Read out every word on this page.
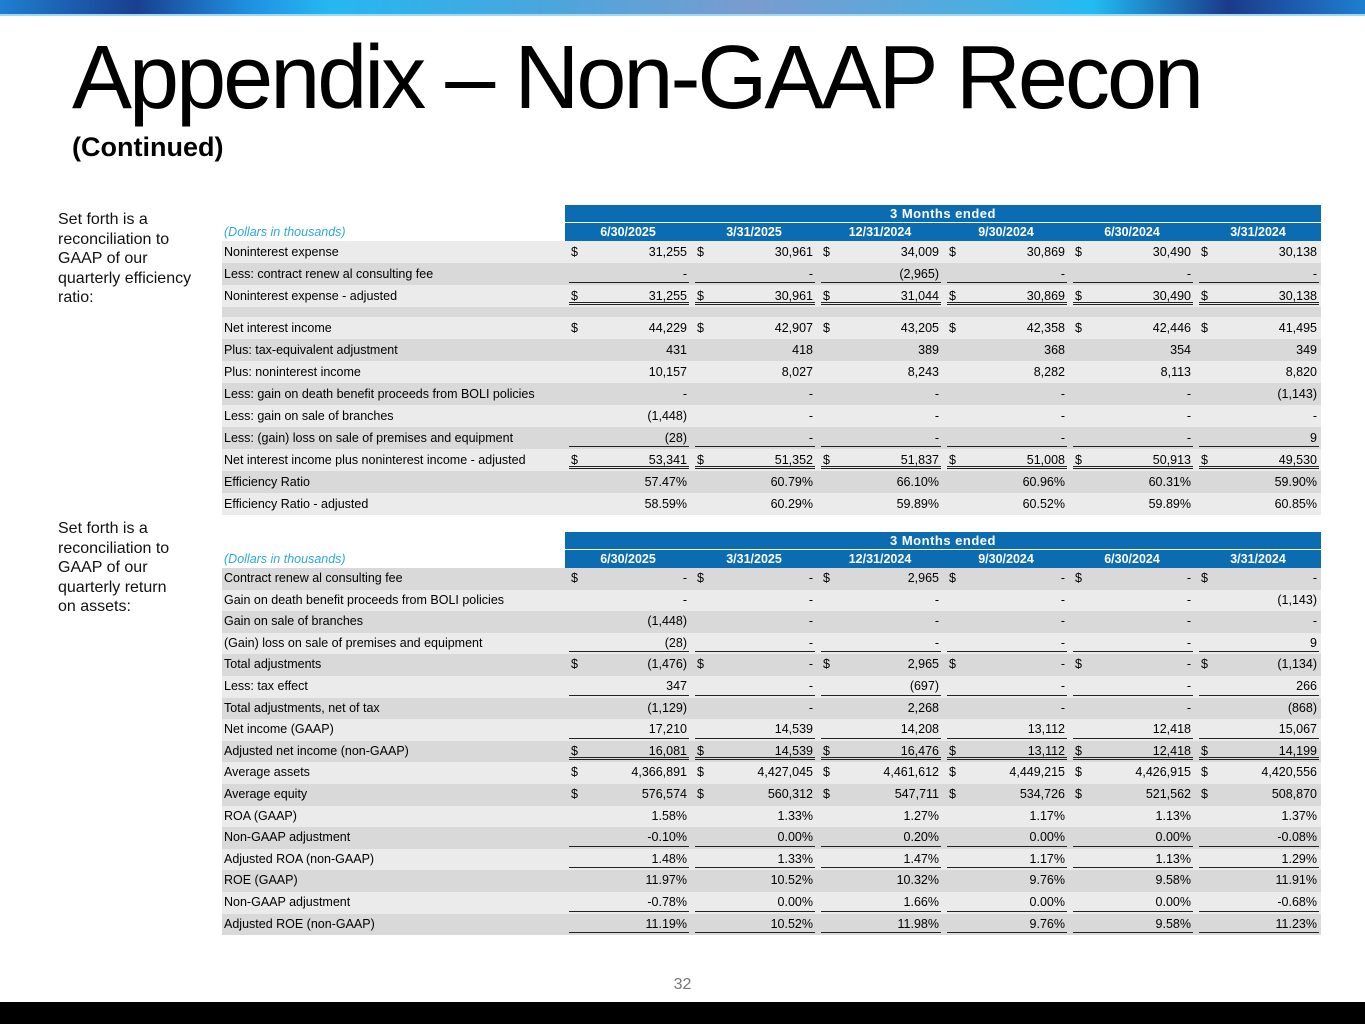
Appendix – Non-GAAP Recon
(Continued)
Set forth is a reconciliation to GAAP of our quarterly efficiency ratio:
3 Months ended
(Dollars in thousands)	6/30/2025	3/31/2025	12/31/2024	9/30/2024	6/30/2024	3/31/2024
Noninterest expense	$	31,255 $	30,961 $	34,009 $	30,869 $	30,490 $	30,138
Less: contract renew al consulting fee	-	-	(2,965)	-	-	-
Noninterest expense - adjusted	$	31,255 $	30,961 $	31,044 $	30,869 $	30,490 $	30,138
Net interest income	$	44,229 $	42,907 $	43,205 $	42,358 $	42,446 $	41,495
Plus: tax-equivalent adjustment	431	418	389	368	354	349
Plus: noninterest income	10,157	8,027	8,243	8,282	8,113	8,820
Less: gain on death benefit proceeds from BOLI policies	-	-	-	-	-	(1,143)
Less: gain on sale of branches	(1,448)	-	-	-	-	-
Less: (gain) loss on sale of premises and equipment	(28)	-	-	-	-	9
Net interest income plus noninterest income - adjusted	$	53,341 $	51,352 $	51,837 $	51,008 $	50,913 $	49,530
Efficiency Ratio	57.47%	60.79%	66.10%	60.96%	60.31%	59.90%
Efficiency Ratio - adjusted	58.59%	60.29%	59.89%	60.52%	59.89%	60.85%
Set forth is a reconciliation to GAAP of our quarterly return on assets:
3 Months ended
(Dollars in thousands)	6/30/2025	3/31/2025	12/31/2024	9/30/2024	6/30/2024	3/31/2024
Contract renew al consulting fee	$	- $	- $	2,965 $	- $	- $	-
Gain on death benefit proceeds from BOLI policies	-	-	-	-	-	(1,143)
Gain on sale of branches	(1,448)	-	-	-	-	-
(Gain) loss on sale of premises and equipment	(28)	-	-	-	-	9
Total adjustments	$	(1,476) $	- $	2,965 $	- $	- $	(1,134)
Less: tax effect	347	-	(697)	-	-	266
Total adjustments, net of tax	(1,129)	-	2,268	-	-	(868)
Net income (GAAP)	17,210	14,539	14,208	13,112	12,418	15,067
Adjusted net income (non-GAAP)	$	16,081 $	14,539 $	16,476 $	13,112 $	12,418 $	14,199
Average assets	$	4,366,891 $	4,427,045 $	4,461,612 $	4,449,215 $	4,426,915 $	4,420,556
Average equity	$	576,574 $	560,312 $	547,711 $	534,726 $	521,562 $	508,870
ROA (GAAP)	1.58%	1.33%	1.27%	1.17%	1.13%	1.37%
Non-GAAP adjustment	-0.10%	0.00%	0.20%	0.00%	0.00%	-0.08%
Adjusted ROA (non-GAAP)	1.48%	1.33%	1.47%	1.17%	1.13%	1.29%
ROE (GAAP)	11.97%	10.52%	10.32%	9.76%	9.58%	11.91%
Non-GAAP adjustment	-0.78%	0.00%	1.66%	0.00%	0.00%	-0.68%
Adjusted ROE (non-GAAP)	11.19%	10.52%	11.98%	9.76%	9.58%	11.23%
32
